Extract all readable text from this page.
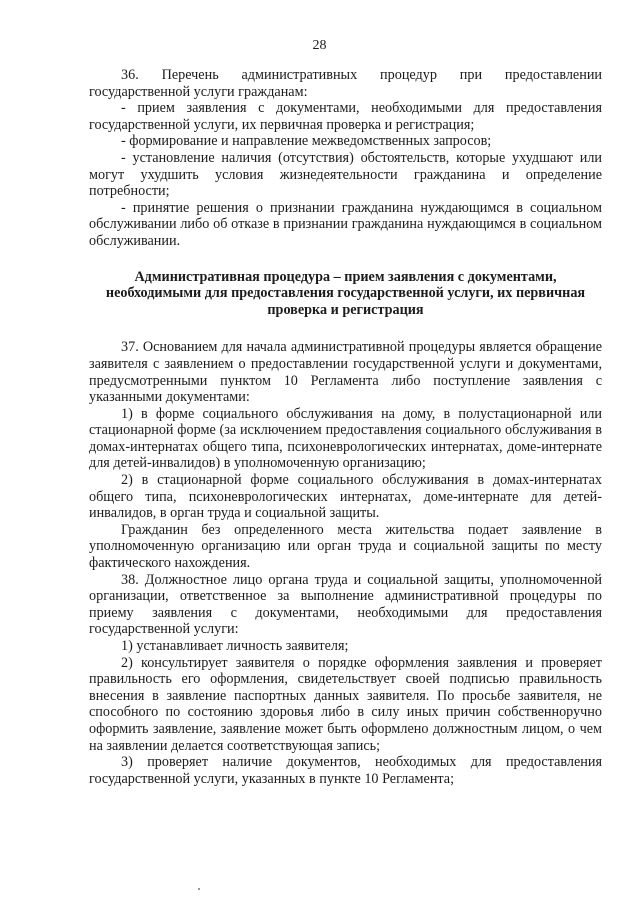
28

36. Перечень административных процедур при предоставлении государственной услуги гражданам:

- прием заявления с документами, необходимыми для предоставления государственной услуги, их первичная проверка и регистрация;

- формирование и направление межведомственных запросов;

- установление наличия (отсутствия) обстоятельств, которые ухудшают или могут ухудшить условия жизнедеятельности гражданина и определение потребности;

- принятие решения о признании гражданина нуждающимся в социальном обслуживании либо об отказе в признании гражданина нуждающимся в социальном обслуживании.

Административная процедура – прием заявления с документами, необходимыми для предоставления государственной услуги, их первичная проверка и регистрация

37. Основанием для начала административной процедуры является обращение заявителя с заявлением о предоставлении государственной услуги и документами, предусмотренными пунктом 10 Регламента либо поступление заявления с указанными документами:

1) в форме социального обслуживания на дому, в полустационарной или стационарной форме (за исключением предоставления социального обслуживания в домах-интернатах общего типа, психоневрологических интернатах, доме-интернате для детей-инвалидов) в уполномоченную организацию;

2) в стационарной форме социального обслуживания в домах-интернатах общего типа, психоневрологических интернатах, доме-интернате для детей-инвалидов, в орган труда и социальной защиты.

Гражданин без определенного места жительства подает заявление в уполномоченную организацию или орган труда и социальной защиты по месту фактического нахождения.

38. Должностное лицо органа труда и социальной защиты, уполномоченной организации, ответственное за выполнение административной процедуры по приему заявления с документами, необходимыми для предоставления государственной услуги:

1) устанавливает личность заявителя;

2) консультирует заявителя о порядке оформления заявления и проверяет правильность его оформления, свидетельствует своей подписью правильность внесения в заявление паспортных данных заявителя. По просьбе заявителя, не способного по состоянию здоровья либо в силу иных причин собственноручно оформить заявление, заявление может быть оформлено должностным лицом, о чем на заявлении делается соответствующая запись;

3) проверяет наличие документов, необходимых для предоставления государственной услуги, указанных в пункте 10 Регламента;
